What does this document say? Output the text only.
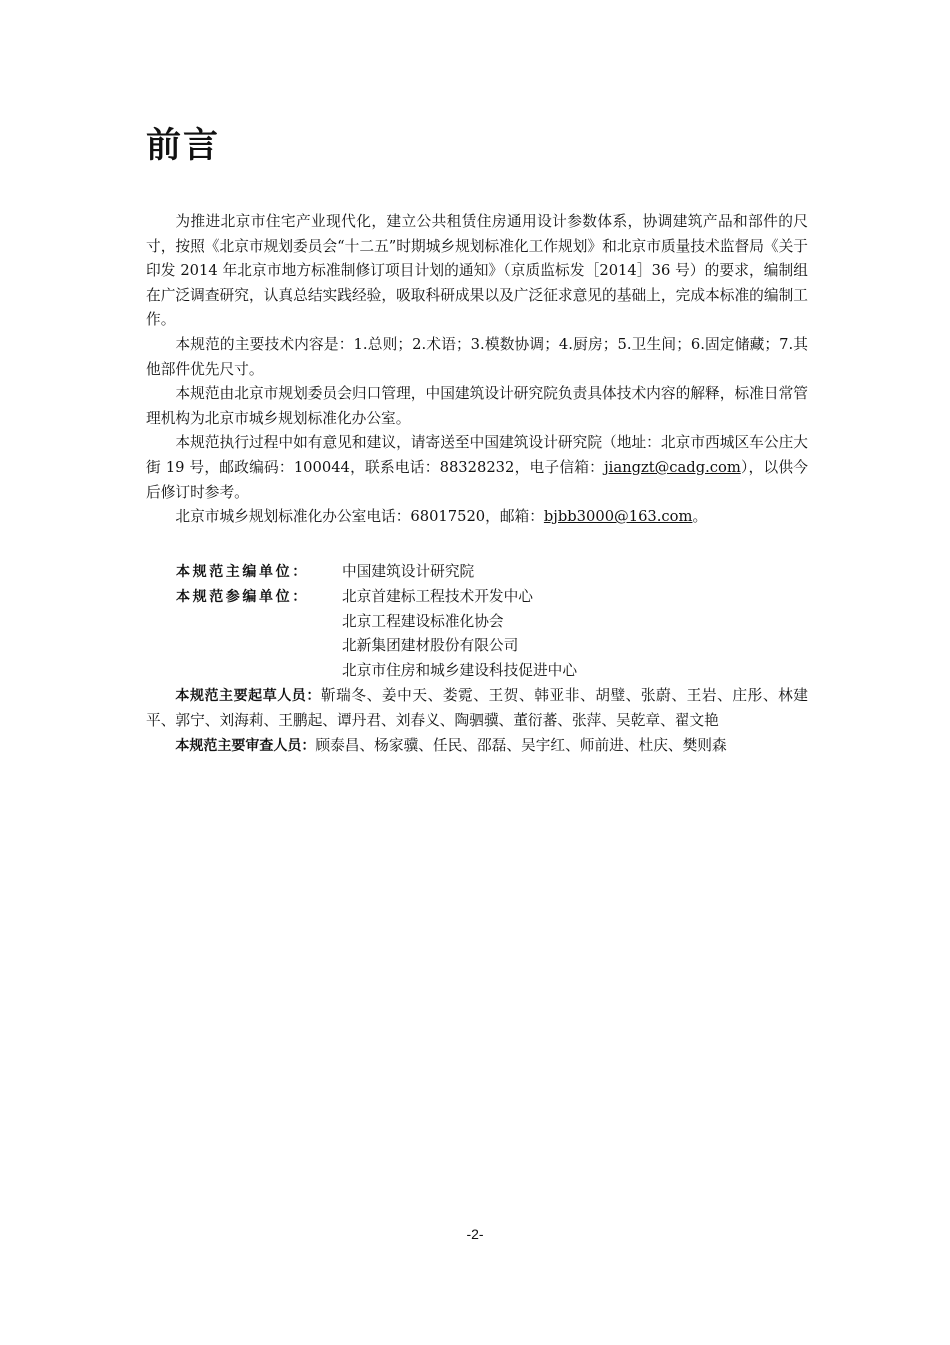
前言

为推进北京市住宅产业现代化，建立公共租赁住房通用设计参数体系，协调建筑产品和部件的尺寸，按照《北京市规划委员会“十二五”时期城乡规划标准化工作规划》和北京市质量技术监督局《关于印发 2014 年北京市地方标准制修订项目计划的通知》（京质监标发［2014］36 号）的要求，编制组在广泛调查研究，认真总结实践经验，吸取科研成果以及广泛征求意见的基础上，完成本标准的编制工作。

本规范的主要技术内容是：1.总则；2.术语；3.模数协调；4.厨房；5.卫生间；6.固定储藏；7.其他部件优先尺寸。

本规范由北京市规划委员会归口管理，中国建筑设计研究院负责具体技术内容的解释，标准日常管理机构为北京市城乡规划标准化办公室。

本规范执行过程中如有意见和建议，请寄送至中国建筑设计研究院（地址：北京市西城区车公庄大街 19 号，邮政编码：100044，联系电话：88328232，电子信箱：jiangzt@cadg.com），以供今后修订时参考。

北京市城乡规划标准化办公室电话：68017520，邮箱：bjbb3000@163.com。

本规范主编单位：	中国建筑设计研究院
本规范参编单位：	北京首建标工程技术开发中心
北京工程建设标准化协会
北新集团建材股份有限公司
北京市住房和城乡建设科技促进中心

本规范主要起草人员：靳瑞冬、姜中天、娄霓、王贺、韩亚非、胡璧、张蔚、王岩、庄彤、林建平、郭宁、刘海莉、王鹏起、谭丹君、刘春义、陶驷骥、董衍蕃、张萍、吴乾章、翟文艳

本规范主要审查人员：顾泰昌、杨家骥、任民、邵磊、吴宇红、师前进、杜庆、樊则森

-2-
